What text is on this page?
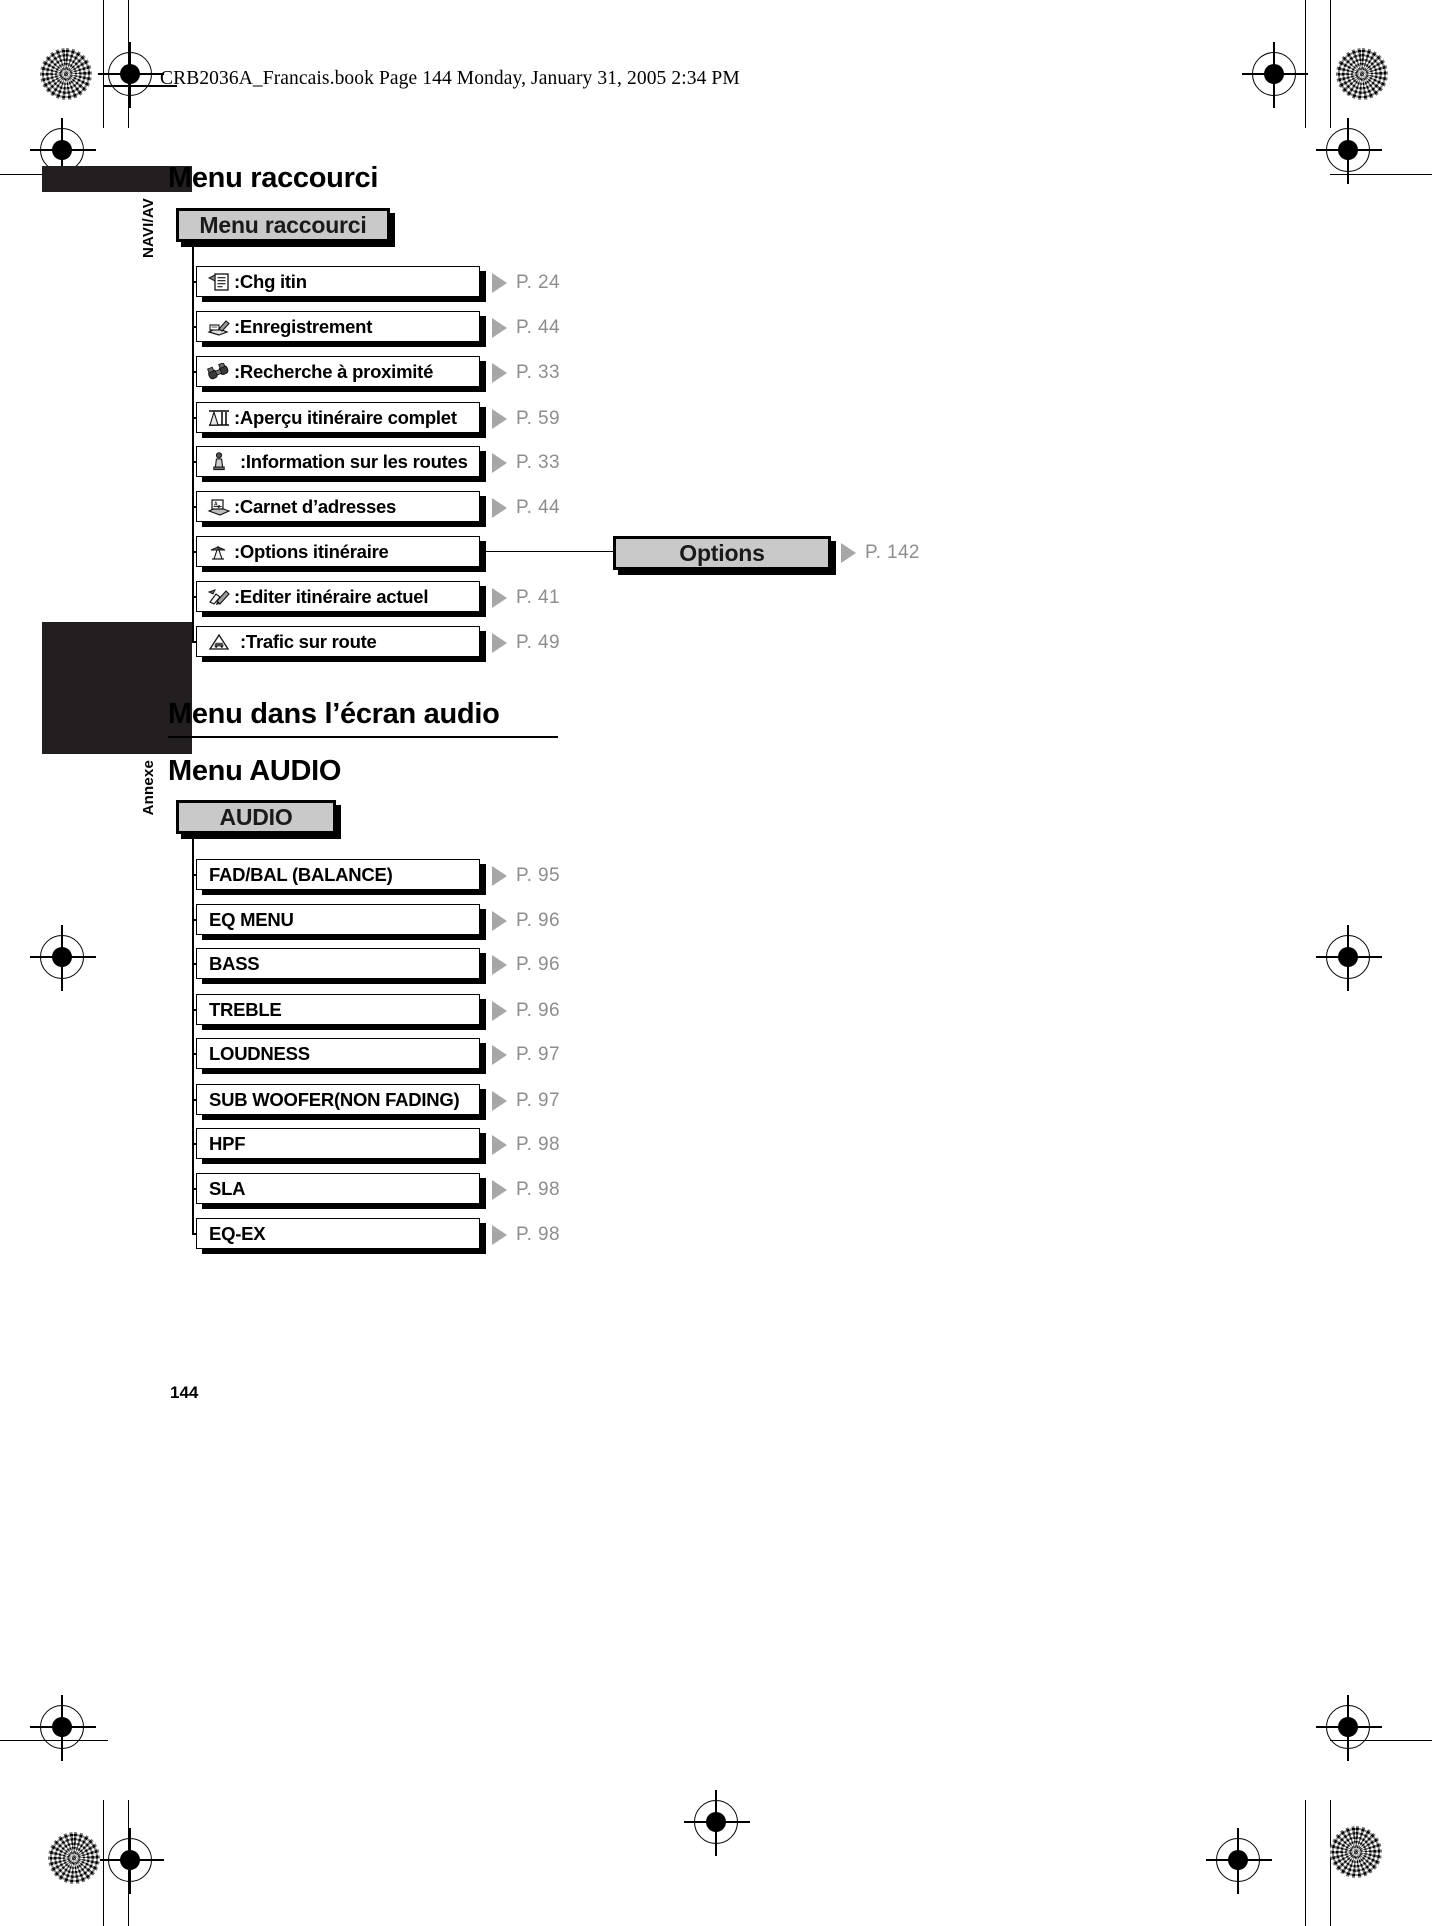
CRB2036A_Francais.book Page 144 Monday, January 31, 2005 2:34 PM
NAVI/AV
Annexe
Menu raccourci
Menu raccourci
:Chg itin	P. 24
:Enregistrement	P. 44
:Recherche à proximité	P. 33
:Aperçu itinéraire complet	P. 59
:Information sur les routes	P. 33
A z :Carnet d’adresses	P. 44
:Options itinéraire	Options	P. 142
:Editer itinéraire actuel	P. 41
:Trafic sur route	P. 49
Menu dans l’écran audio
Menu AUDIO
AUDIO
FAD/BAL (BALANCE)	P. 95
EQ MENU	P. 96
BASS	P. 96
TREBLE	P. 96
LOUDNESS	P. 97
SUB WOOFER(NON FADING)	P. 97
HPF	P. 98
SLA	P. 98
EQ-EX	P. 98
144
